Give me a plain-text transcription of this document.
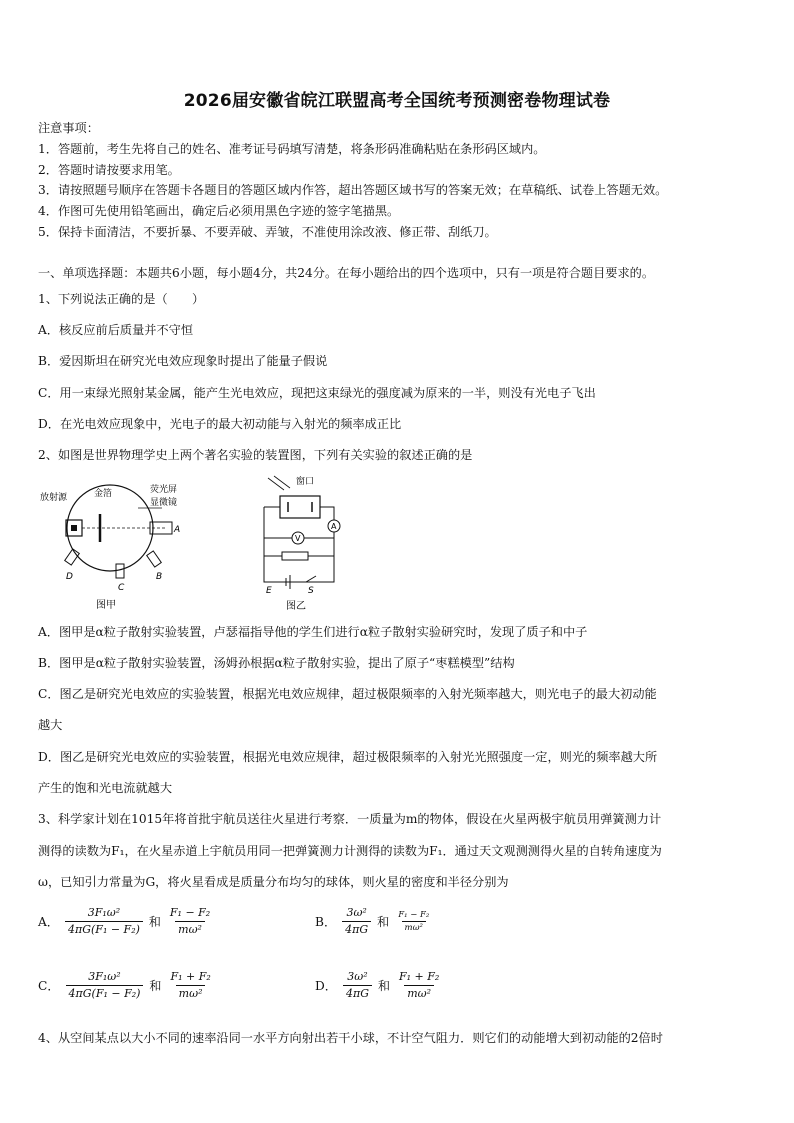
2026届安徽省皖江联盟高考全国统考预测密卷物理试卷
注意事项：
1．答题前，考生先将自己的姓名、准考证号码填写清楚，将条形码准确粘贴在条形码区域内。
2．答题时请按要求用笔。
3．请按照题号顺序在答题卡各题目的答题区域内作答，超出答题区域书写的答案无效；在草稿纸、试卷上答题无效。
4．作图可先使用铅笔画出，确定后必须用黑色字迹的签字笔描黑。
5．保持卡面清洁，不要折暴、不要弄破、弄皱，不准使用涂改液、修正带、刮纸刀。
一、单项选择题：本题共6小题，每小题4分，共24分。在每小题给出的四个选项中，只有一项是符合题目要求的。
1、下列说法正确的是（　　）
A．核反应前后质量并不守恒
B．爱因斯坦在研究光电效应现象时提出了能量子假说
C．用一束绿光照射某金属，能产生光电效应，现把这束绿光的强度减为原来的一半，则没有光电子飞出
D．在光电效应现象中，光电子的最大初动能与入射光的频率成正比
2、如图是世界物理学史上两个著名实验的装置图，下列有关实验的叙述正确的是
放射源	金箔	荧光屏
显微镜
A
B
C
D
图甲
窗口
A
V
E	S
图乙
A．图甲是α粒子散射实验装置，卢瑟福指导他的学生们进行α粒子散射实验研究时，发现了质子和中子
B．图甲是α粒子散射实验装置，汤姆孙根据α粒子散射实验，提出了原子“枣糕模型”结构
C．图乙是研究光电效应的实验装置，根据光电效应规律，超过极限频率的入射光频率越大，则光电子的最大初动能
越大
D．图乙是研究光电效应的实验装置，根据光电效应规律，超过极限频率的入射光光照强度一定，则光的频率越大所
产生的饱和光电流就越大
3、科学家计划在1015年将首批宇航员送往火星进行考察．一质量为m的物体，假设在火星两极宇航员用弹簧测力计
测得的读数为F₁，在火星赤道上宇航员用同一把弹簧测力计测得的读数为F₁．通过天文观测测得火星的自转角速度为
ω，已知引力常量为G，将火星看成是质量分布均匀的球体，则火星的密度和半径分别为
A． $\frac{\text{3F₁ω²}}{\text{4πG(F₁ − F₂)}}$ 和 $\frac{\text{F₁ − F₂}}{\text{mω²}}$	B． $\frac{\text{3ω²}}{4\pi G}$ 和 $\frac{\text{F₁ − F₂}}{\text{mω²}}$
C． $\frac{\text{3F₁ω²}}{\text{4πG(F₁ − F₂)}}$ 和 $\frac{\text{F₁ + F₂}}{\text{mω²}}$	D． $\frac{\text{3ω²}}{4\pi G}$ 和 $\frac{\text{F₁ + F₂}}{\text{mω²}}$
4、从空间某点以大小不同的速率沿同一水平方向射出若干小球，不计空气阻力．则它们的动能增大到初动能的2倍时
